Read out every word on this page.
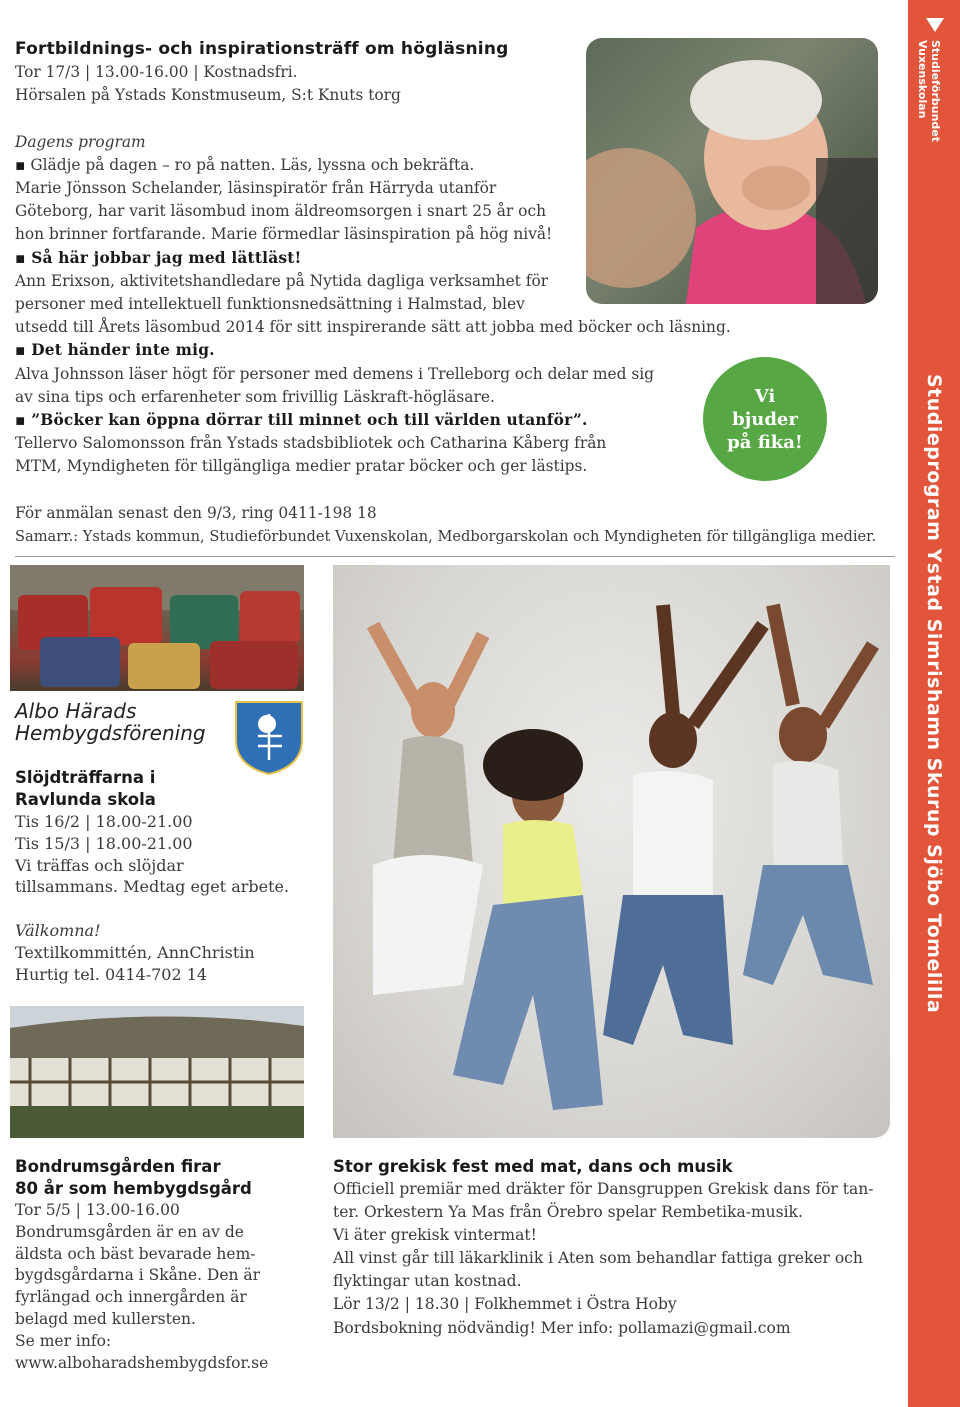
Studieförbundet Vuxenskolan
Studieprogram Ystad Simrishamn Skurup Sjöbo Tomelilla
Fortbildnings- och inspirationsträff om högläsning
Tor 17/3 | 13.00-16.00 | Kostnadsfri.
Hörsalen på Ystads Konstmuseum, S:t Knuts torg
Dagens program
▪ Glädje på dagen – ro på natten. Läs, lyssna och bekräfta.
Marie Jönsson Schelander, läsinspiratör från Härryda utanför
Göteborg, har varit läsombud inom äldreomsorgen i snart 25 år och
hon brinner fortfarande. Marie förmedlar läsinspiration på hög nivå!
▪ Så här jobbar jag med lättläst!
Ann Erixson, aktivitetshandledare på Nytida dagliga verksamhet för
personer med intellektuell funktionsnedsättning i Halmstad, blev
utsedd till Årets läsombud 2014 för sitt inspirerande sätt att jobba med böcker och läsning.
▪ Det händer inte mig.
Alva Johnsson läser högt för personer med demens i Trelleborg och delar med sig
av sina tips och erfarenheter som frivillig Läskraft-högläsare.
▪ ”Böcker kan öppna dörrar till minnet och till världen utanför”.
Tellervo Salomonsson från Ystads stadsbibliotek och Catharina Kåberg från
MTM, Myndigheten för tillgängliga medier pratar böcker och ger lästips.
För anmälan senast den 9/3, ring 0411-198 18
Samarr.: Ystads kommun, Studieförbundet Vuxenskolan, Medborgarskolan och Myndigheten för tillgängliga medier.
Vi
bjuder
på fika!
Albo Härads
Hembygdsförening
Slöjdträffarna i
Ravlunda skola
Tis 16/2 | 18.00-21.00
Tis 15/3 | 18.00-21.00
Vi träffas och slöjdar
tillsammans. Medtag eget arbete.

Välkomna!
Textilkommittén, AnnChristin
Hurtig tel. 0414-702 14
Bondrumsgården firar
80 år som hembygdsgård
Tor 5/5 | 13.00-16.00
Bondrumsgården är en av de
äldsta och bäst bevarade hem-
bygdsgårdarna i Skåne. Den är
fyrlängad och innergården är
belagd med kullersten.
Se mer info:
www.alboharadshembygdsfor.se
Stor grekisk fest med mat, dans och musik
Officiell premiär med dräkter för Dansgruppen Grekisk dans för tan-
ter. Orkestern Ya Mas från Örebro spelar Rembetika-musik.
Vi äter grekisk vintermat!
All vinst går till läkarklinik i Aten som behandlar fattiga greker och
flyktingar utan kostnad.
Lör 13/2 | 18.30 | Folkhemmet i Östra Hoby
Bordsbokning nödvändig! Mer info: pollamazi@gmail.com
